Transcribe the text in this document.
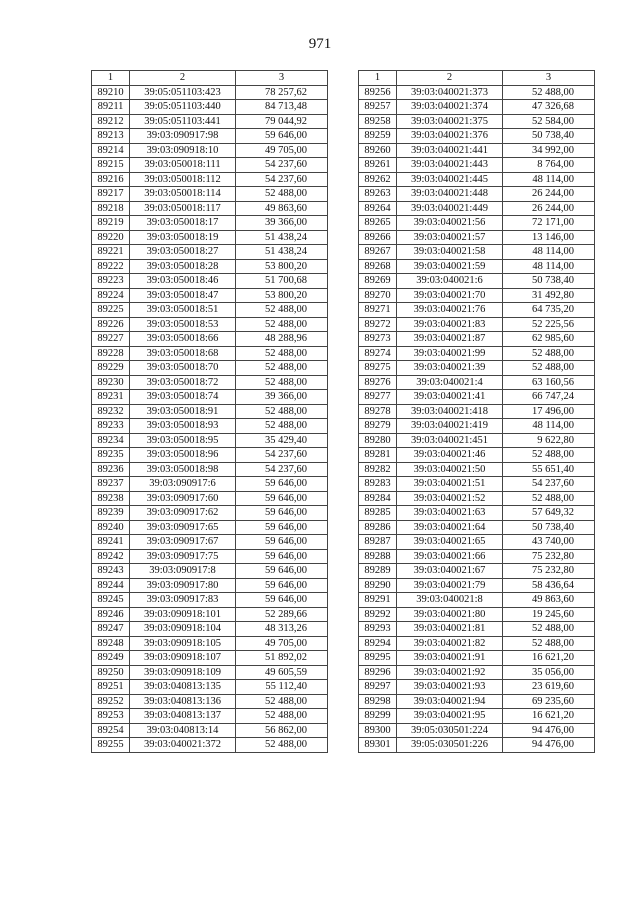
971
1	2	3
89210	39:05:051103:423	78 257,62
89211	39:05:051103:440	84 713,48
89212	39:05:051103:441	79 044,92
89213	39:03:090917:98	59 646,00
89214	39:03:090918:10	49 705,00
89215	39:03:050018:111	54 237,60
89216	39:03:050018:112	54 237,60
89217	39:03:050018:114	52 488,00
89218	39:03:050018:117	49 863,60
89219	39:03:050018:17	39 366,00
89220	39:03:050018:19	51 438,24
89221	39:03:050018:27	51 438,24
89222	39:03:050018:28	53 800,20
89223	39:03:050018:46	51 700,68
89224	39:03:050018:47	53 800,20
89225	39:03:050018:51	52 488,00
89226	39:03:050018:53	52 488,00
89227	39:03:050018:66	48 288,96
89228	39:03:050018:68	52 488,00
89229	39:03:050018:70	52 488,00
89230	39:03:050018:72	52 488,00
89231	39:03:050018:74	39 366,00
89232	39:03:050018:91	52 488,00
89233	39:03:050018:93	52 488,00
89234	39:03:050018:95	35 429,40
89235	39:03:050018:96	54 237,60
89236	39:03:050018:98	54 237,60
89237	39:03:090917:6	59 646,00
89238	39:03:090917:60	59 646,00
89239	39:03:090917:62	59 646,00
89240	39:03:090917:65	59 646,00
89241	39:03:090917:67	59 646,00
89242	39:03:090917:75	59 646,00
89243	39:03:090917:8	59 646,00
89244	39:03:090917:80	59 646,00
89245	39:03:090917:83	59 646,00
89246	39:03:090918:101	52 289,66
89247	39:03:090918:104	48 313,26
89248	39:03:090918:105	49 705,00
89249	39:03:090918:107	51 892,02
89250	39:03:090918:109	49 605,59
89251	39:03:040813:135	55 112,40
89252	39:03:040813:136	52 488,00
89253	39:03:040813:137	52 488,00
89254	39:03:040813:14	56 862,00
89255	39:03:040021:372	52 488,00
1	2	3
89256	39:03:040021:373	52 488,00
89257	39:03:040021:374	47 326,68
89258	39:03:040021:375	52 584,00
89259	39:03:040021:376	50 738,40
89260	39:03:040021:441	34 992,00
89261	39:03:040021:443	8 764,00
89262	39:03:040021:445	48 114,00
89263	39:03:040021:448	26 244,00
89264	39:03:040021:449	26 244,00
89265	39:03:040021:56	72 171,00
89266	39:03:040021:57	13 146,00
89267	39:03:040021:58	48 114,00
89268	39:03:040021:59	48 114,00
89269	39:03:040021:6	50 738,40
89270	39:03:040021:70	31 492,80
89271	39:03:040021:76	64 735,20
89272	39:03:040021:83	52 225,56
89273	39:03:040021:87	62 985,60
89274	39:03:040021:99	52 488,00
89275	39:03:040021:39	52 488,00
89276	39:03:040021:4	63 160,56
89277	39:03:040021:41	66 747,24
89278	39:03:040021:418	17 496,00
89279	39:03:040021:419	48 114,00
89280	39:03:040021:451	9 622,80
89281	39:03:040021:46	52 488,00
89282	39:03:040021:50	55 651,40
89283	39:03:040021:51	54 237,60
89284	39:03:040021:52	52 488,00
89285	39:03:040021:63	57 649,32
89286	39:03:040021:64	50 738,40
89287	39:03:040021:65	43 740,00
89288	39:03:040021:66	75 232,80
89289	39:03:040021:67	75 232,80
89290	39:03:040021:79	58 436,64
89291	39:03:040021:8	49 863,60
89292	39:03:040021:80	19 245,60
89293	39:03:040021:81	52 488,00
89294	39:03:040021:82	52 488,00
89295	39:03:040021:91	16 621,20
89296	39:03:040021:92	35 056,00
89297	39:03:040021:93	23 619,60
89298	39:03:040021:94	69 235,60
89299	39:03:040021:95	16 621,20
89300	39:05:030501:224	94 476,00
89301	39:05:030501:226	94 476,00
